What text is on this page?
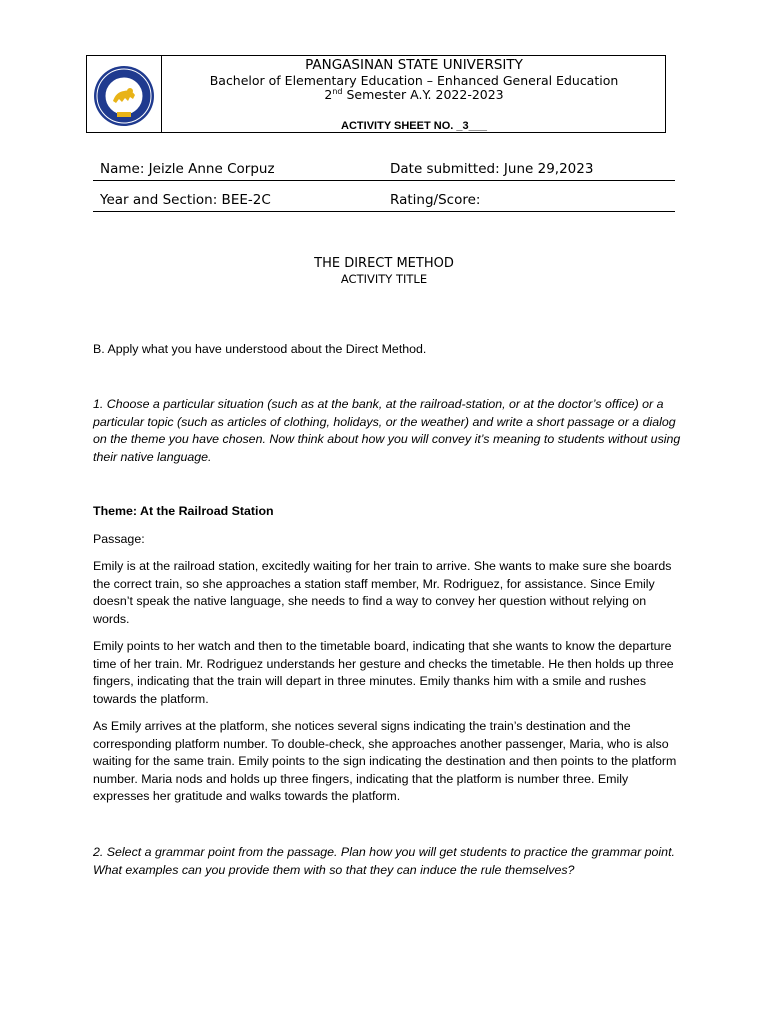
PANGASINAN STATE UNIVERSITY
Bachelor of Elementary Education – Enhanced General Education
2nd Semester A.Y. 2022-2023
ACTIVITY SHEET NO. _3___
Name: Jeizle Anne Corpuz	Date submitted: June 29,2023
Year and Section: BEE-2C	Rating/Score:
THE DIRECT METHOD
ACTIVITY TITLE
B. Apply what you have understood about the Direct Method.
1. Choose a particular situation (such as at the bank, at the railroad-station, or at the doctor’s office) or a particular topic (such as articles of clothing, holidays, or the weather) and write a short passage or a dialog on the theme you have chosen. Now think about how you will convey it’s meaning to students without using their native language.
Theme: At the Railroad Station
Passage:
Emily is at the railroad station, excitedly waiting for her train to arrive. She wants to make sure she boards the correct train, so she approaches a station staff member, Mr. Rodriguez, for assistance. Since Emily doesn’t speak the native language, she needs to find a way to convey her question without relying on words.
Emily points to her watch and then to the timetable board, indicating that she wants to know the departure time of her train. Mr. Rodriguez understands her gesture and checks the timetable. He then holds up three fingers, indicating that the train will depart in three minutes. Emily thanks him with a smile and rushes towards the platform.
As Emily arrives at the platform, she notices several signs indicating the train’s destination and the corresponding platform number. To double-check, she approaches another passenger, Maria, who is also waiting for the same train. Emily points to the sign indicating the destination and then points to the platform number. Maria nods and holds up three fingers, indicating that the platform is number three. Emily expresses her gratitude and walks towards the platform.
2. Select a grammar point from the passage. Plan how you will get students to practice the grammar point. What examples can you provide them with so that they can induce the rule themselves?
